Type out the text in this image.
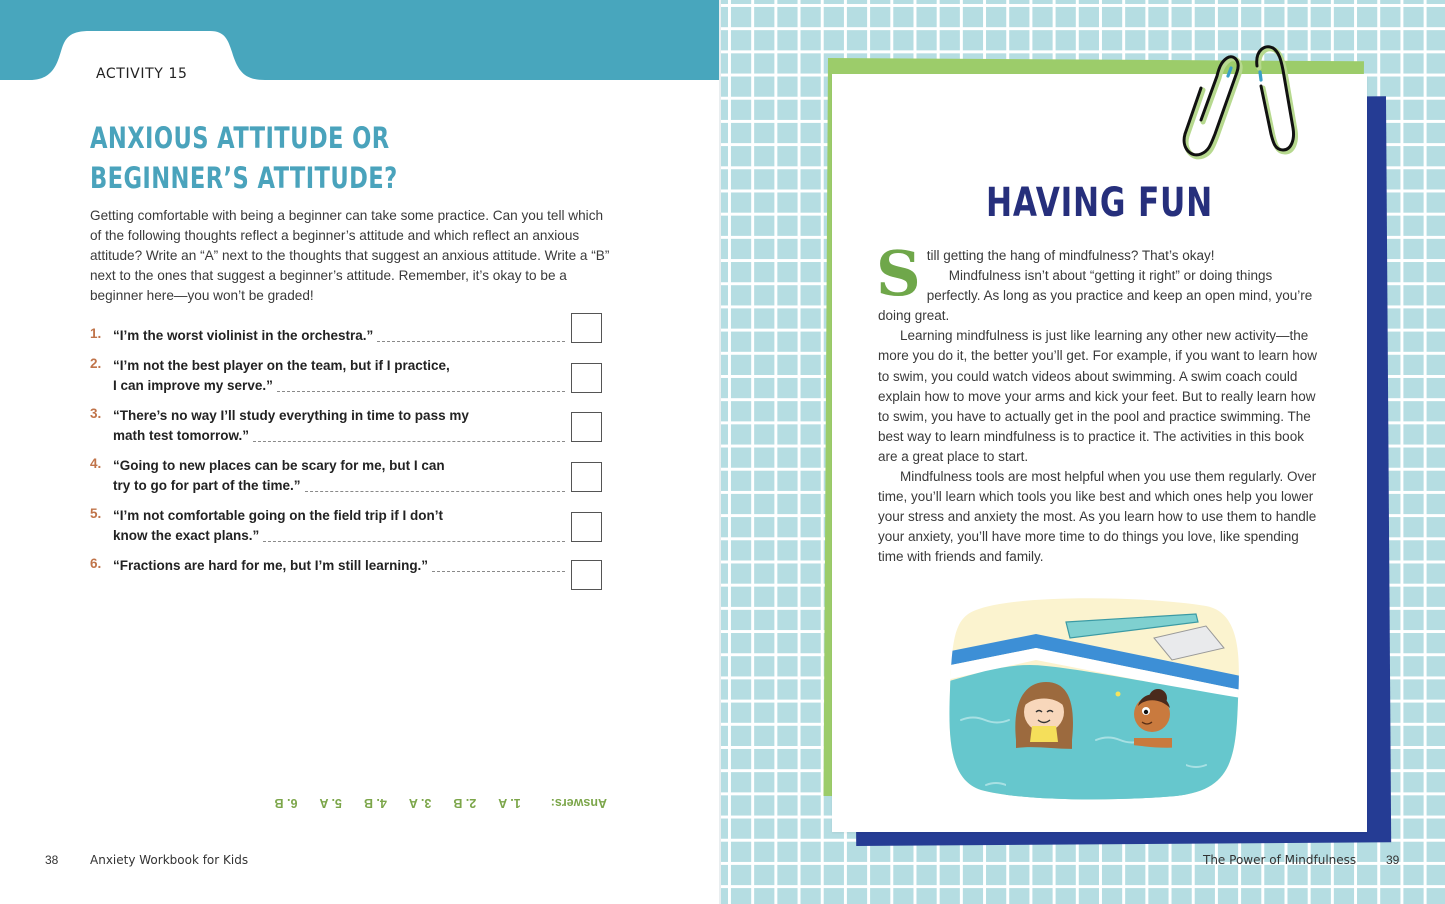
ACTIVITY 15
ANXIOUS ATTITUDE OR
BEGINNER’S ATTITUDE?
Getting comfortable with being a beginner can take some practice. Can you tell which of the following thoughts reflect a beginner’s attitude and which reflect an anxious attitude? Write an “A” next to the thoughts that suggest an anxious attitude. Write a “B” next to the ones that suggest a beginner’s attitude. Remember, it’s okay to be a beginner here—you won’t be graded!
1. “I’m the worst violinist in the orchestra.”
2. “I’m not the best player on the team, but if I practice,
I can improve my serve.”
3. “There’s no way I’ll study everything in time to pass my
math test tomorrow.”
4. “Going to new places can be scary for me, but I can
try to go for part of the time.”
5. “I’m not comfortable going on the field trip if I don’t
know the exact plans.”
6. “Fractions are hard for me, but I’m still learning.”
Answers:
1. A
2. B
3. A
4. B
5. A
6. B
38	Anxiety Workbook for Kids
HAVING FUN

Still getting the hang of mindfulness? That’s okay!

Mindfulness isn’t about “getting it right” or doing things perfectly. As long as you practice and keep an open mind, you’re doing great.

Learning mindfulness is just like learning any other new activity—the more you do it, the better you’ll get. For example, if you want to learn how to swim, you could watch videos about swimming. A swim coach could explain how to move your arms and kick your feet. But to really learn how to swim, you have to actually get in the pool and practice swimming. The best way to learn mindfulness is to practice it. The activities in this book are a great place to start.

Mindfulness tools are most helpful when you use them regularly. Over time, you’ll learn which tools you like best and which ones help you lower your stress and anxiety the most. As you learn how to use them to handle your anxiety, you’ll have more time to do things you love, like spending time with friends and family.

The Power of Mindfulness 39
